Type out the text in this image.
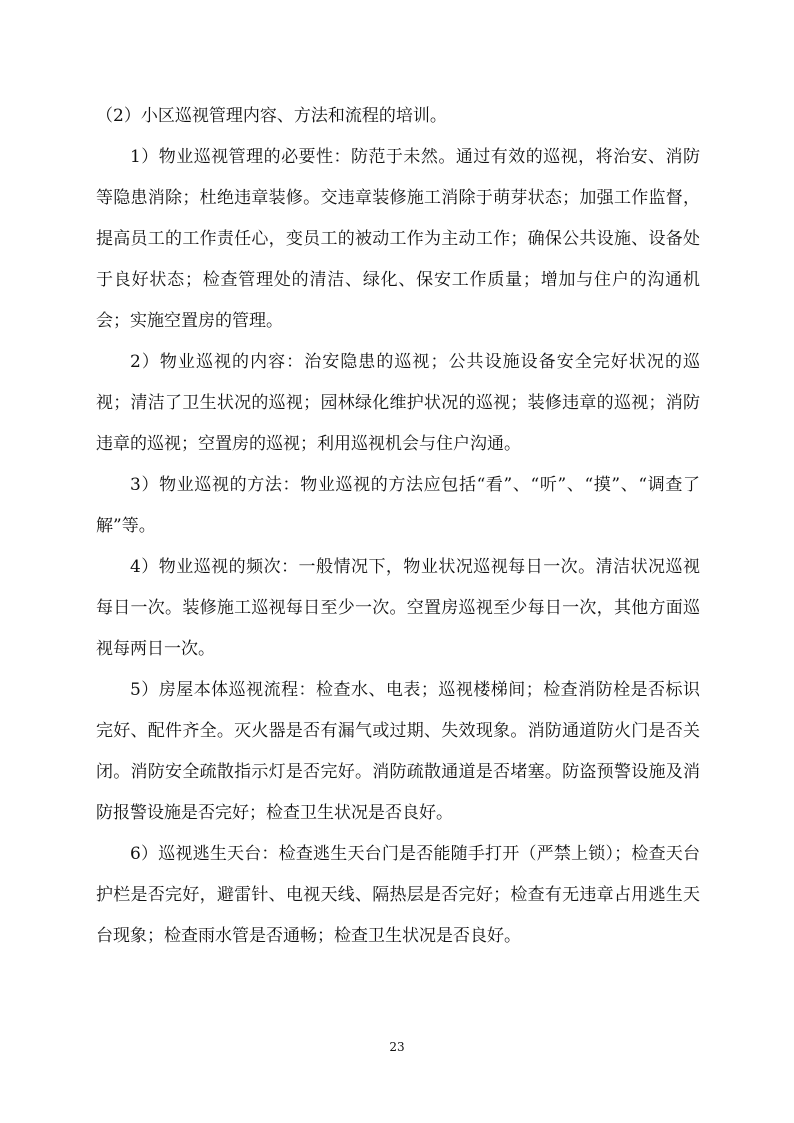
（2）小区巡视管理内容、方法和流程的培训。

1）物业巡视管理的必要性：防范于未然。通过有效的巡视，将治安、消防等隐患消除；杜绝违章装修。交违章装修施工消除于萌芽状态；加强工作监督，提高员工的工作责任心，变员工的被动工作为主动工作；确保公共设施、设备处于良好状态；检查管理处的清洁、绿化、保安工作质量；增加与住户的沟通机会；实施空置房的管理。

2）物业巡视的内容：治安隐患的巡视；公共设施设备安全完好状况的巡视；清洁了卫生状况的巡视；园林绿化维护状况的巡视；装修违章的巡视；消防违章的巡视；空置房的巡视；利用巡视机会与住户沟通。

3）物业巡视的方法：物业巡视的方法应包括“看”、“听”、“摸”、“调查了解”等。

4）物业巡视的频次：一般情况下，物业状况巡视每日一次。清洁状况巡视每日一次。装修施工巡视每日至少一次。空置房巡视至少每日一次，其他方面巡视每两日一次。

5）房屋本体巡视流程：检查水、电表；巡视楼梯间；检查消防栓是否标识完好、配件齐全。灭火器是否有漏气或过期、失效现象。消防通道防火门是否关闭。消防安全疏散指示灯是否完好。消防疏散通道是否堵塞。防盗预警设施及消防报警设施是否完好；检查卫生状况是否良好。

6）巡视逃生天台：检查逃生天台门是否能随手打开（严禁上锁）；检查天台护栏是否完好，避雷针、电视天线、隔热层是否完好；检查有无违章占用逃生天台现象；检查雨水管是否通畅；检查卫生状况是否良好。

23
